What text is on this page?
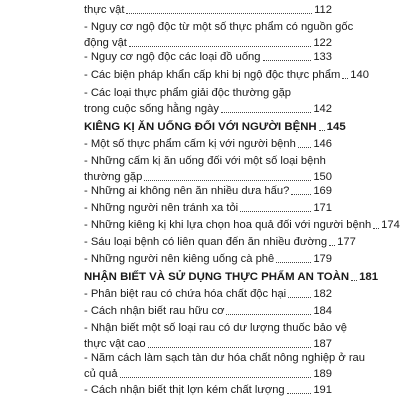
thực vật	112
- Nguy cơ ngộ độc từ một số thực phẩm có nguồn gốc
động vật	122
- Nguy cơ ngộ độc các loại đồ uống	133
- Các biện pháp khẩn cấp khi bị ngộ độc thực phẩm 140
- Các loại thực phẩm giải độc thường gặp
trong cuộc sống hằng ngày	142
KIÊNG KỊ ĂN UỐNG ĐỐI VỚI NGƯỜI BỆNH 145
- Một số thực phẩm cấm kị với người bệnh 146
- Những cấm kị ăn uống đối với một số loại bệnh
thường gặp	150
- Những ai không nên ăn nhiều dưa hấu? 169
- Những người nên tránh xa tỏi	171
- Những kiêng kị khi lựa chọn hoa quả đối với người bệnh 174
- Sáu loại bệnh có liên quan đến ăn nhiều đường 177
- Những người nên kiêng uống cà phê	179
NHẬN BIẾT VÀ SỬ DỤNG THỰC PHẨM AN TOÀN 181
- Phân biệt rau có chứa hóa chất độc hại 182
- Cách nhận biết rau hữu cơ	184
- Nhận biết một số loại rau có dư lượng thuốc bảo vệ
thực vật cao	187
- Năm cách làm sạch tàn dư hóa chất nông nghiệp ở rau
củ quả	189
- Cách nhận biết thịt lợn kém chất lượng	191
